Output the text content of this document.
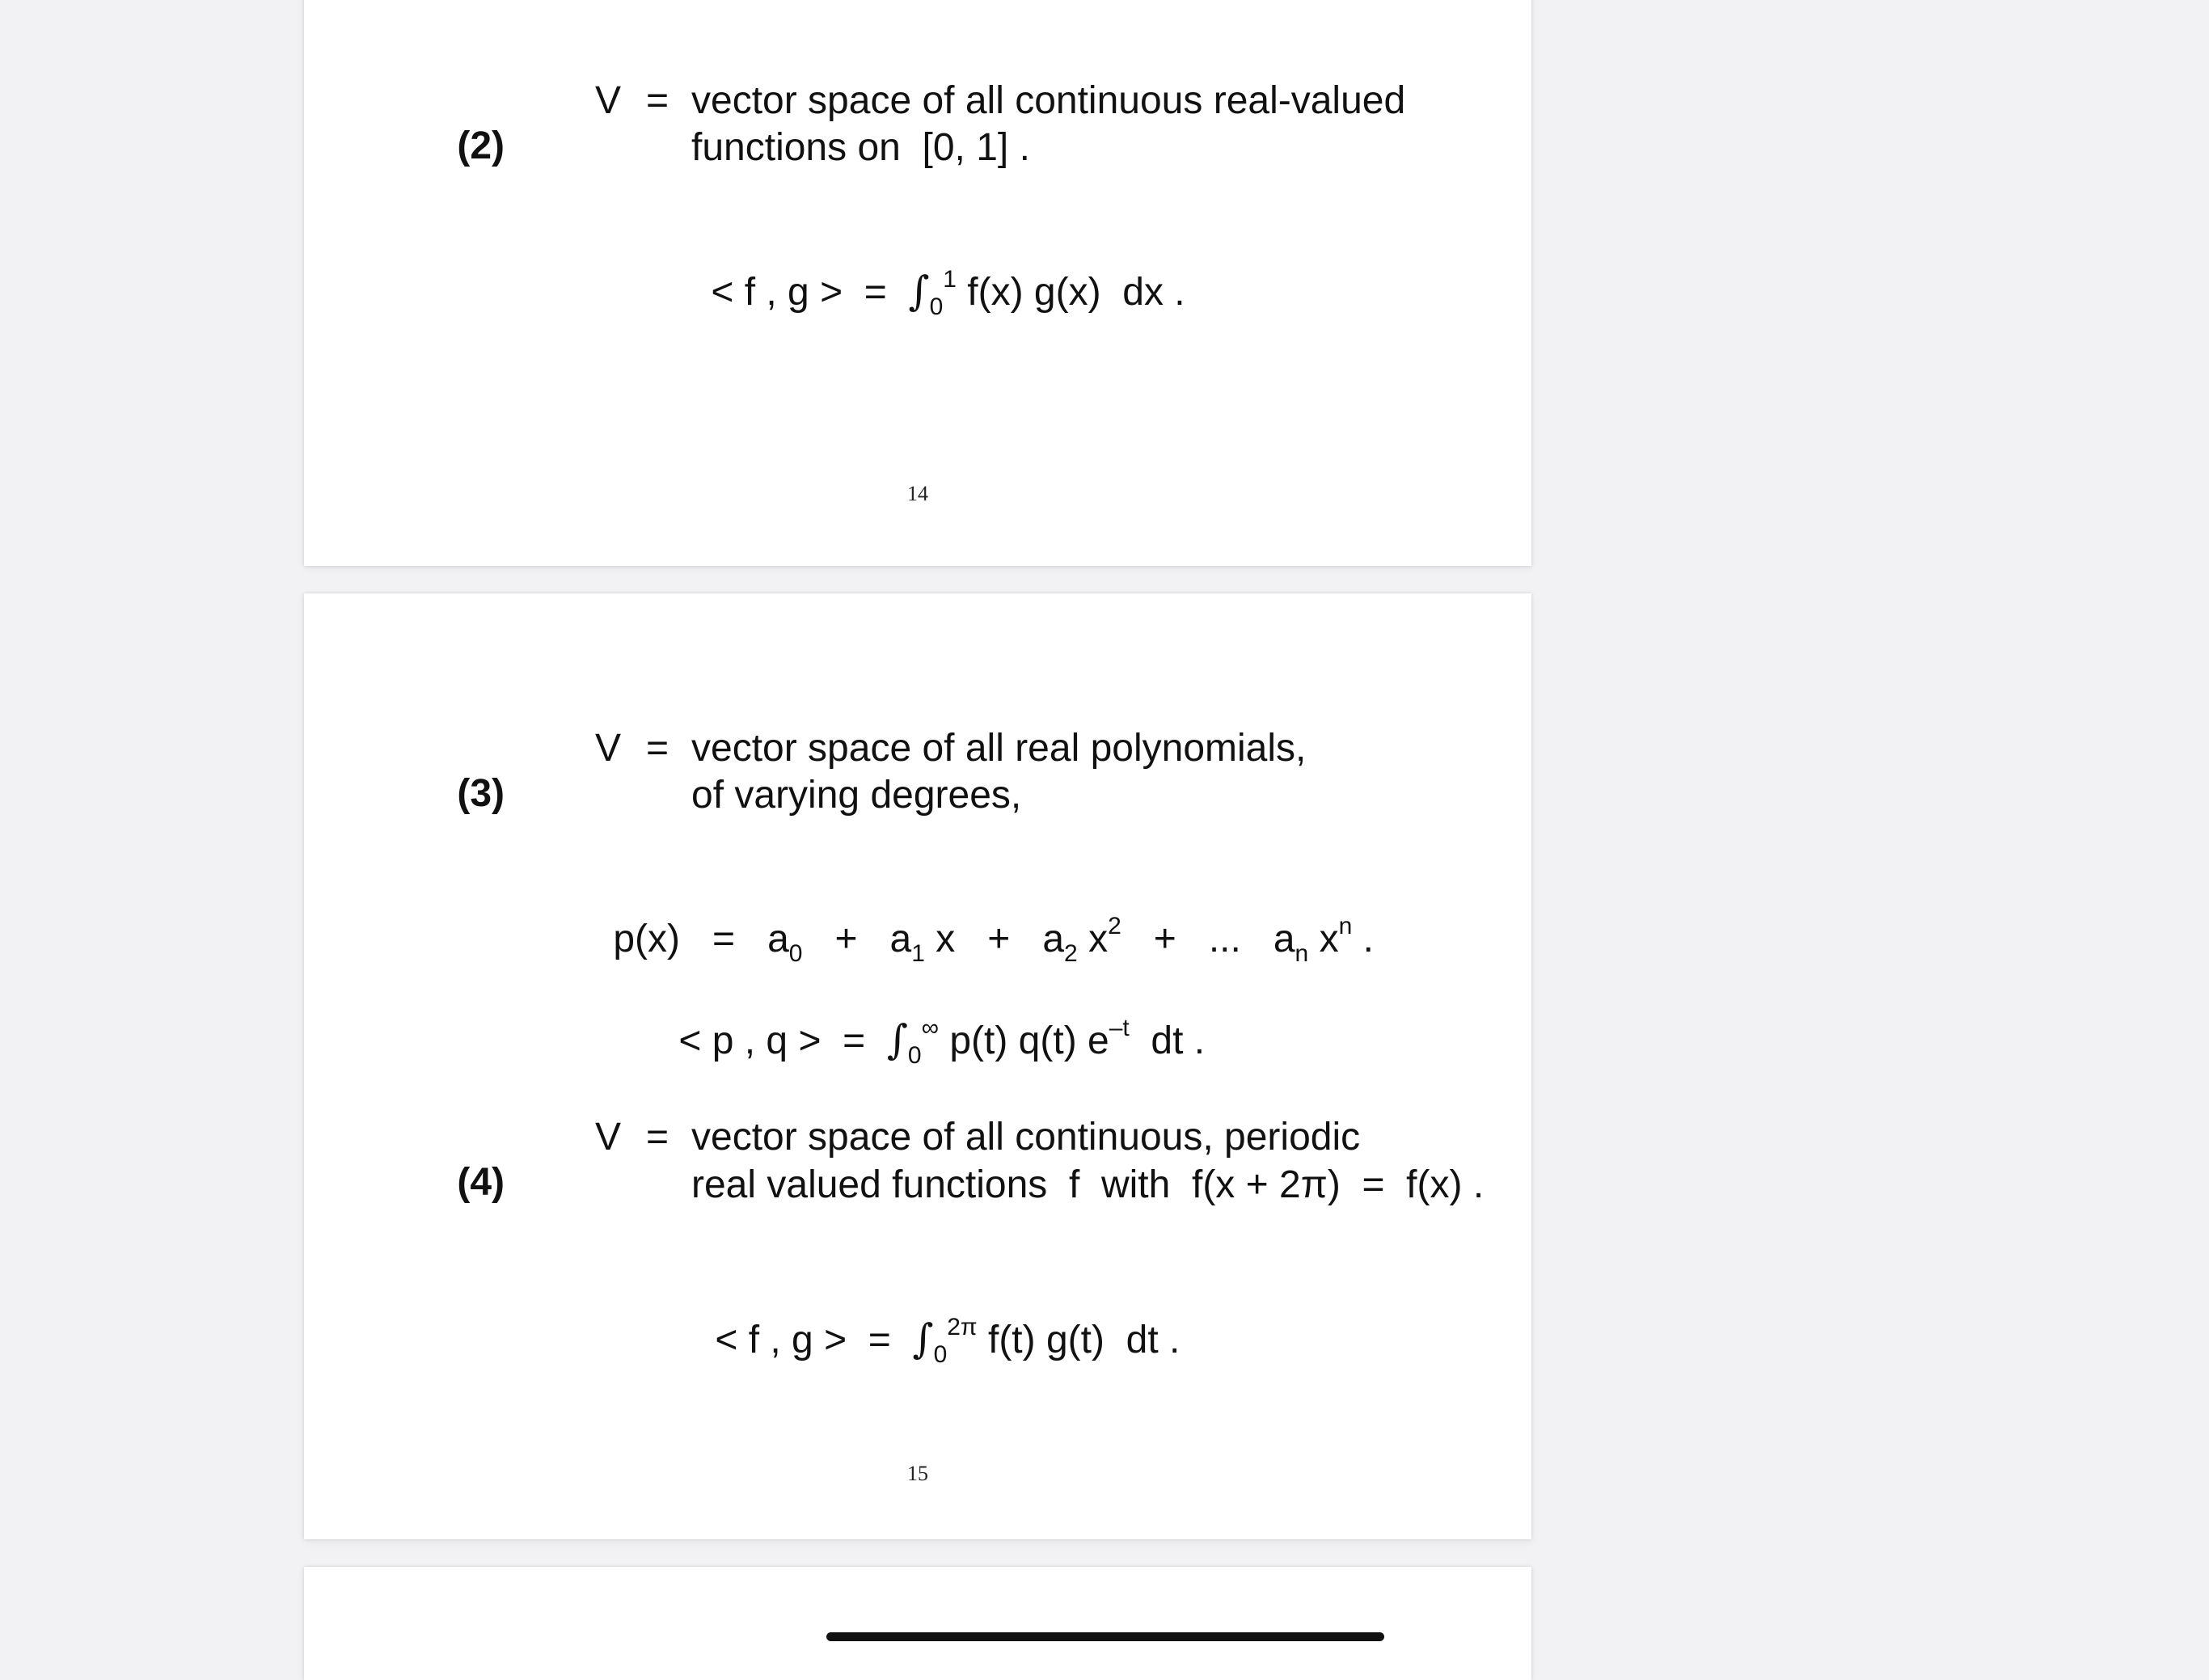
(2)

V

=

vector space of all continuous real-valued

functions on  [0, 1] .

< f , g > = $\int_0^1$ f(x) g(x)  dx .

14

(3)

V

=

vector space of all real polynomials,

of varying degrees,

$p(x) = a_0 + a_1$ $x + a_2$ $x^2$ + ... $a_n$ $x^n$ .

< p , q > = $\int_0^\infty$ p(t) q(t) $e^{-t}$  dt .

(4)

V

=

vector space of all continuous, periodic

real valued functions  f  with  f(x + 2π)  =  f(x) .

< f , g > = $\int_0^{2\pi}$ f(t) g(t)  dt .

15
